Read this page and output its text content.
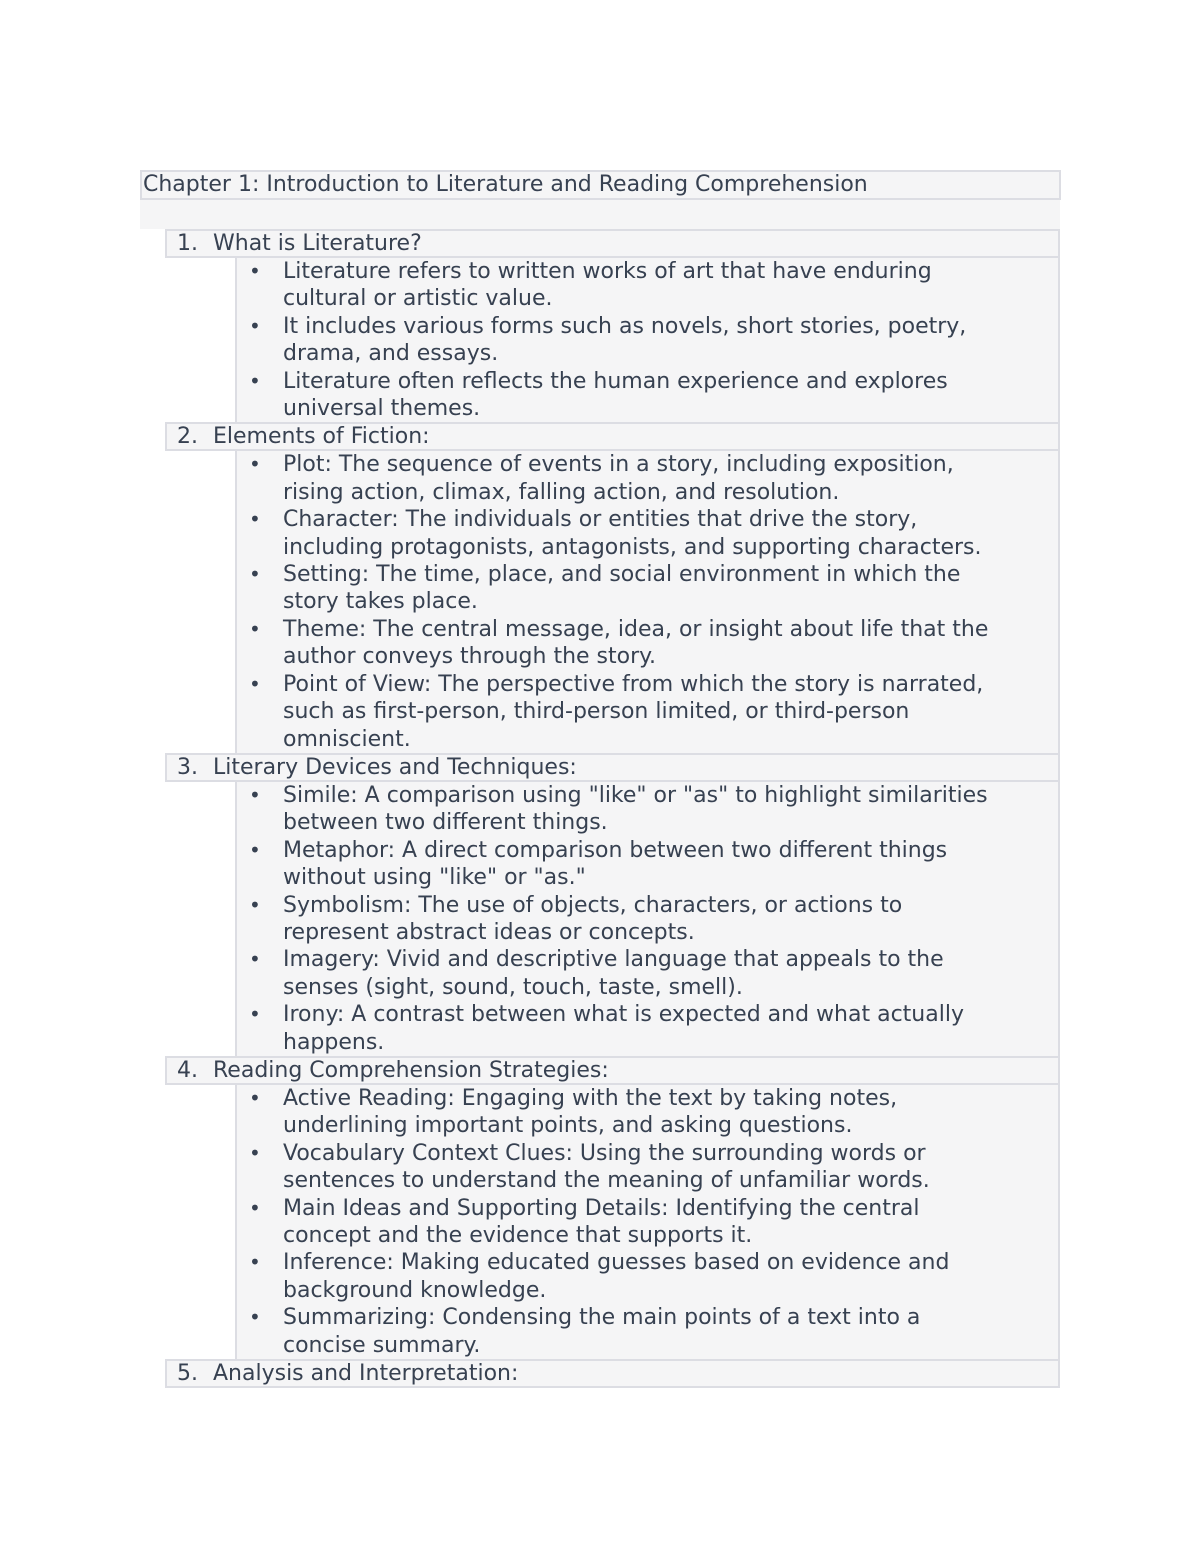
Chapter 1: Introduction to Literature and Reading Comprehension
1. What is Literature?
• Literature refers to written works of art that have enduring
cultural or artistic value.
• It includes various forms such as novels, short stories, poetry,
drama, and essays.
• Literature often reflects the human experience and explores
universal themes.
2. Elements of Fiction:
• Plot: The sequence of events in a story, including exposition,
rising action, climax, falling action, and resolution.
• Character: The individuals or entities that drive the story,
including protagonists, antagonists, and supporting characters.
• Setting: The time, place, and social environment in which the
story takes place.
• Theme: The central message, idea, or insight about life that the
author conveys through the story.
• Point of View: The perspective from which the story is narrated,
such as first-person, third-person limited, or third-person
omniscient.
3. Literary Devices and Techniques:
• Simile: A comparison using "like" or "as" to highlight similarities
between two different things.
• Metaphor: A direct comparison between two different things
without using "like" or "as."
• Symbolism: The use of objects, characters, or actions to
represent abstract ideas or concepts.
• Imagery: Vivid and descriptive language that appeals to the
senses (sight, sound, touch, taste, smell).
• Irony: A contrast between what is expected and what actually
happens.
4. Reading Comprehension Strategies:
• Active Reading: Engaging with the text by taking notes,
underlining important points, and asking questions.
• Vocabulary Context Clues: Using the surrounding words or
sentences to understand the meaning of unfamiliar words.
• Main Ideas and Supporting Details: Identifying the central
concept and the evidence that supports it.
• Inference: Making educated guesses based on evidence and
background knowledge.
• Summarizing: Condensing the main points of a text into a
concise summary.
5. Analysis and Interpretation:
